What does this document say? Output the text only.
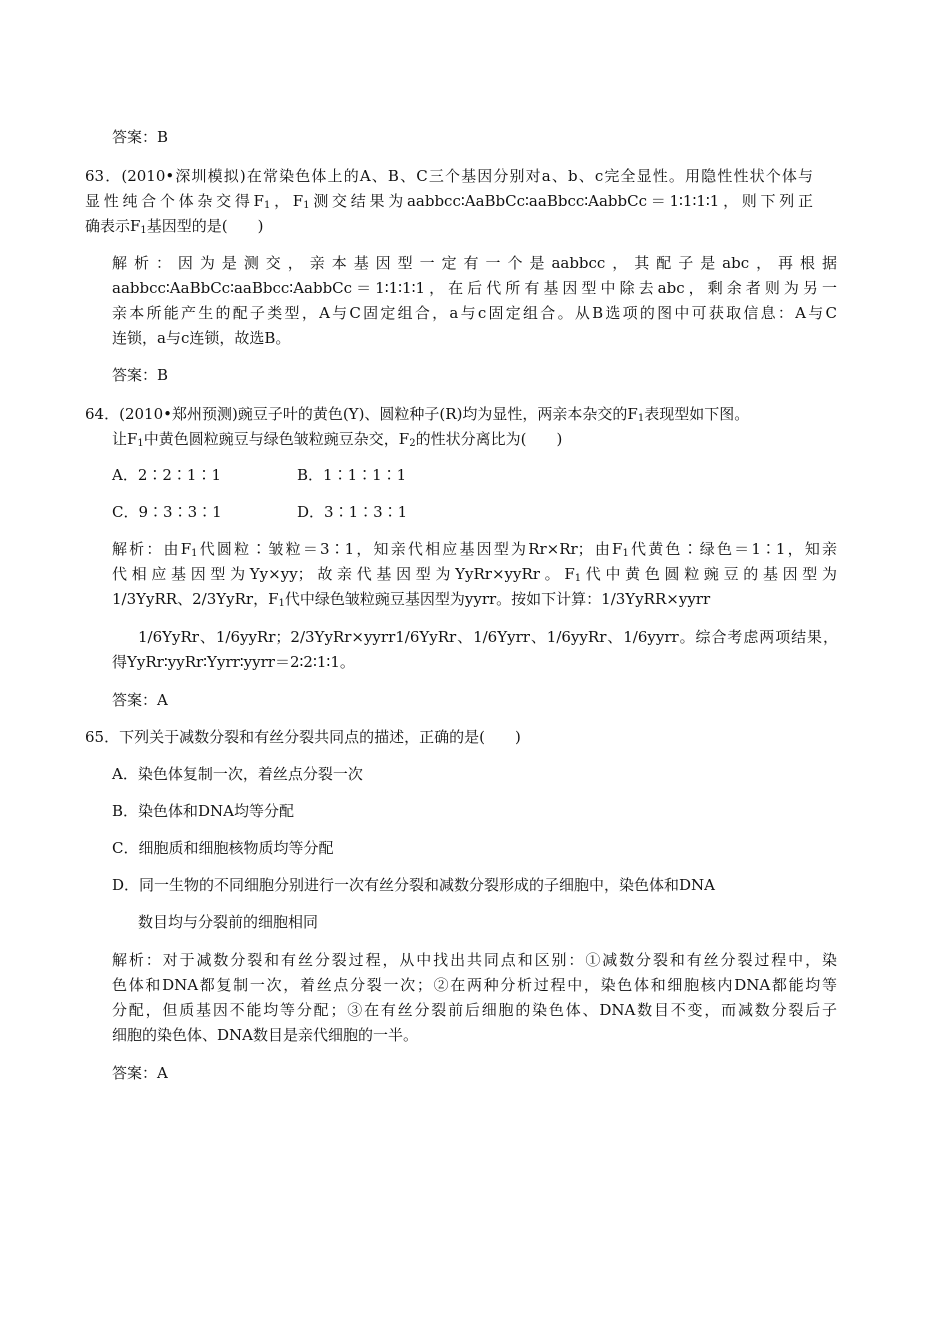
答案：B
63．(2010•深圳模拟)在常染色体上的A、B、C三个基因分别对a、b、c完全显性。用隐性性状个体与
显性纯合个体杂交得$F_1$，$F_1$测交结果为aabbcc∶AaBbCc∶aaBbcc∶AabbCc＝1∶1∶1∶1，则下列正
确表示$F_1$基因型的是(　　)
解析：因为是测交，亲本基因型一定有一个是aabbcc，其配子是abc，再根据
aabbcc∶AaBbCc∶aaBbcc∶AabbCc＝1∶1∶1∶1，在后代所有基因型中除去abc，剩余者则为另一
亲本所能产生的配子类型，A与C固定组合，a与c固定组合。从B选项的图中可获取信息：A与C
连锁，a与c连锁，故选B。
答案：B
64．(2010•郑州预测)豌豆子叶的黄色(Y)、圆粒种子(R)均为显性，两亲本杂交的$F_1$表现型如下图。
让$F_1$中黄色圆粒豌豆与绿色皱粒豌豆杂交，$F_2$的性状分离比为(　　)
A．2∶2∶1∶1	B．1∶1∶1∶1
C．9∶3∶3∶1	D．3∶1∶3∶1
解析：由$F_1$代圆粒∶皱粒＝3∶1，知亲代相应基因型为Rr×Rr；由$F_1$代黄色∶绿色＝1∶1，知亲
代相应基因型为Yy×yy；故亲代基因型为YyRr×yyRr。$F_1$代中黄色圆粒豌豆的基因型为
1/3YyRR、2/3YyRr，$F_1$代中绿色皱粒豌豆基因型为yyrr。按如下计算：1/3YyRR×yyrr
1/6YyRr、1/6yyRr；2/3YyRr×yyrr1/6YyRr、1/6Yyrr、1/6yyRr、1/6yyrr。综合考虑两项结果，
得YyRr∶yyRr∶Yyrr∶yyrr＝2∶2∶1∶1。
答案：A
65．下列关于减数分裂和有丝分裂共同点的描述，正确的是(　　)
A．染色体复制一次，着丝点分裂一次
B．染色体和DNA均等分配
C．细胞质和细胞核物质均等分配
D．同一生物的不同细胞分别进行一次有丝分裂和减数分裂形成的子细胞中，染色体和DNA
数目均与分裂前的细胞相同
解析：对于减数分裂和有丝分裂过程，从中找出共同点和区别：①减数分裂和有丝分裂过程中，染
色体和DNA都复制一次，着丝点分裂一次；②在两种分析过程中，染色体和细胞核内DNA都能均等
分配，但质基因不能均等分配；③在有丝分裂前后细胞的染色体、DNA数目不变，而减数分裂后子
细胞的染色体、DNA数目是亲代细胞的一半。
答案：A
